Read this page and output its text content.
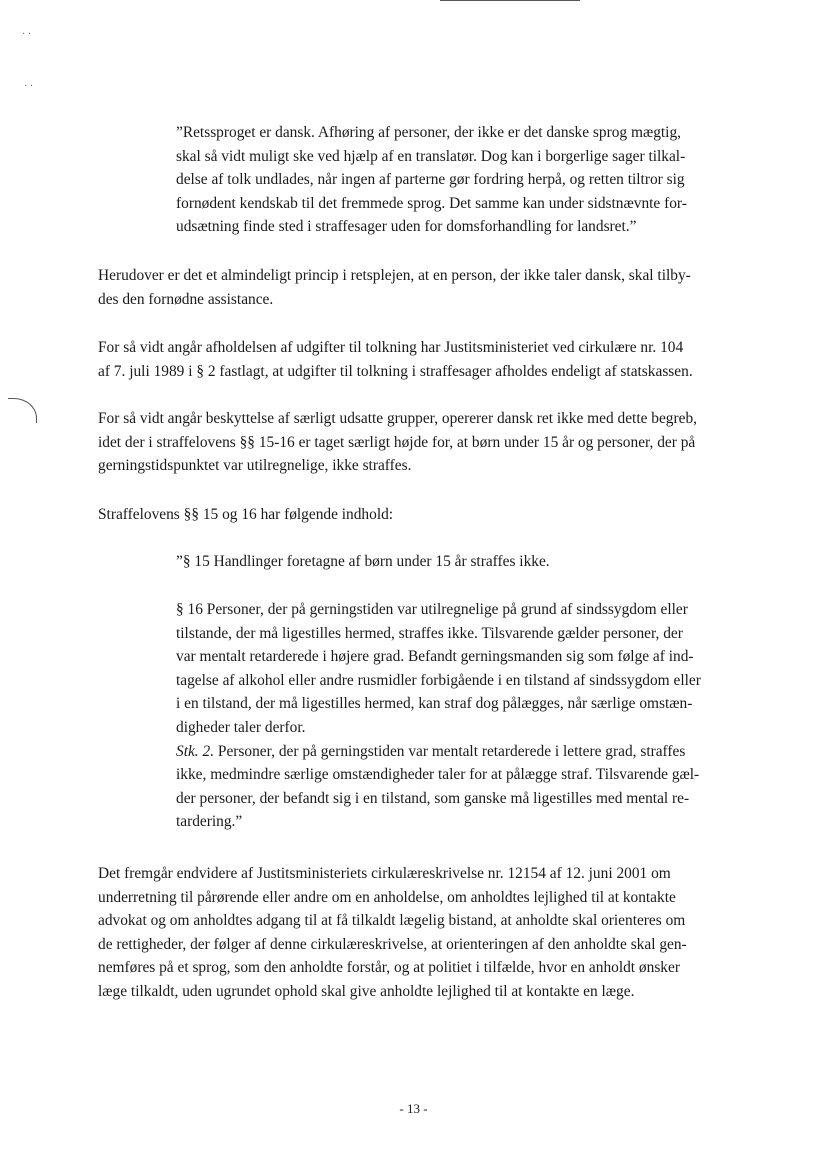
· ·
· ·
”Retssproget er dansk. Afhøring af personer, der ikke er det danske sprog mægtig,
skal så vidt muligt ske ved hjælp af en translatør. Dog kan i borgerlige sager tilkal-
delse af tolk undlades, når ingen af parterne gør fordring herpå, og retten tiltror sig
fornødent kendskab til det fremmede sprog. Det samme kan under sidstnævnte for-
udsætning finde sted i straffesager uden for domsforhandling for landsret.”
Herudover er det et almindeligt princip i retsplejen, at en person, der ikke taler dansk, skal tilby-
des den fornødne assistance.
For så vidt angår afholdelsen af udgifter til tolkning har Justitsministeriet ved cirkulære nr. 104
af 7. juli 1989 i § 2 fastlagt, at udgifter til tolkning i straffesager afholdes endeligt af statskassen.
For så vidt angår beskyttelse af særligt udsatte grupper, opererer dansk ret ikke med dette begreb,
idet der i straffelovens §§ 15-16 er taget særligt højde for, at børn under 15 år og personer, der på
gerningstidspunktet var utilregnelige, ikke straffes.
Straffelovens §§ 15 og 16 har følgende indhold:
”§ 15 Handlinger foretagne af børn under 15 år straffes ikke.
§ 16 Personer, der på gerningstiden var utilregnelige på grund af sindssygdom eller
tilstande, der må ligestilles hermed, straffes ikke. Tilsvarende gælder personer, der
var mentalt retarderede i højere grad. Befandt gerningsmanden sig som følge af ind-
tagelse af alkohol eller andre rusmidler forbigående i en tilstand af sindssygdom eller
i en tilstand, der må ligestilles hermed, kan straf dog pålægges, når særlige omstæn-
digheder taler derfor.
Stk. 2. Personer, der på gerningstiden var mentalt retarderede i lettere grad, straffes
ikke, medmindre særlige omstændigheder taler for at pålægge straf. Tilsvarende gæl-
der personer, der befandt sig i en tilstand, som ganske må ligestilles med mental re-
tardering.”
Det fremgår endvidere af Justitsministeriets cirkulæreskrivelse nr. 12154 af 12. juni 2001 om
underretning til pårørende eller andre om en anholdelse, om anholdtes lejlighed til at kontakte
advokat og om anholdtes adgang til at få tilkaldt lægelig bistand, at anholdte skal orienteres om
de rettigheder, der følger af denne cirkulæreskrivelse, at orienteringen af den anholdte skal gen-
nemføres på et sprog, som den anholdte forstår, og at politiet i tilfælde, hvor en anholdt ønsker
læge tilkaldt, uden ugrundet ophold skal give anholdte lejlighed til at kontakte en læge.
- 13 -
